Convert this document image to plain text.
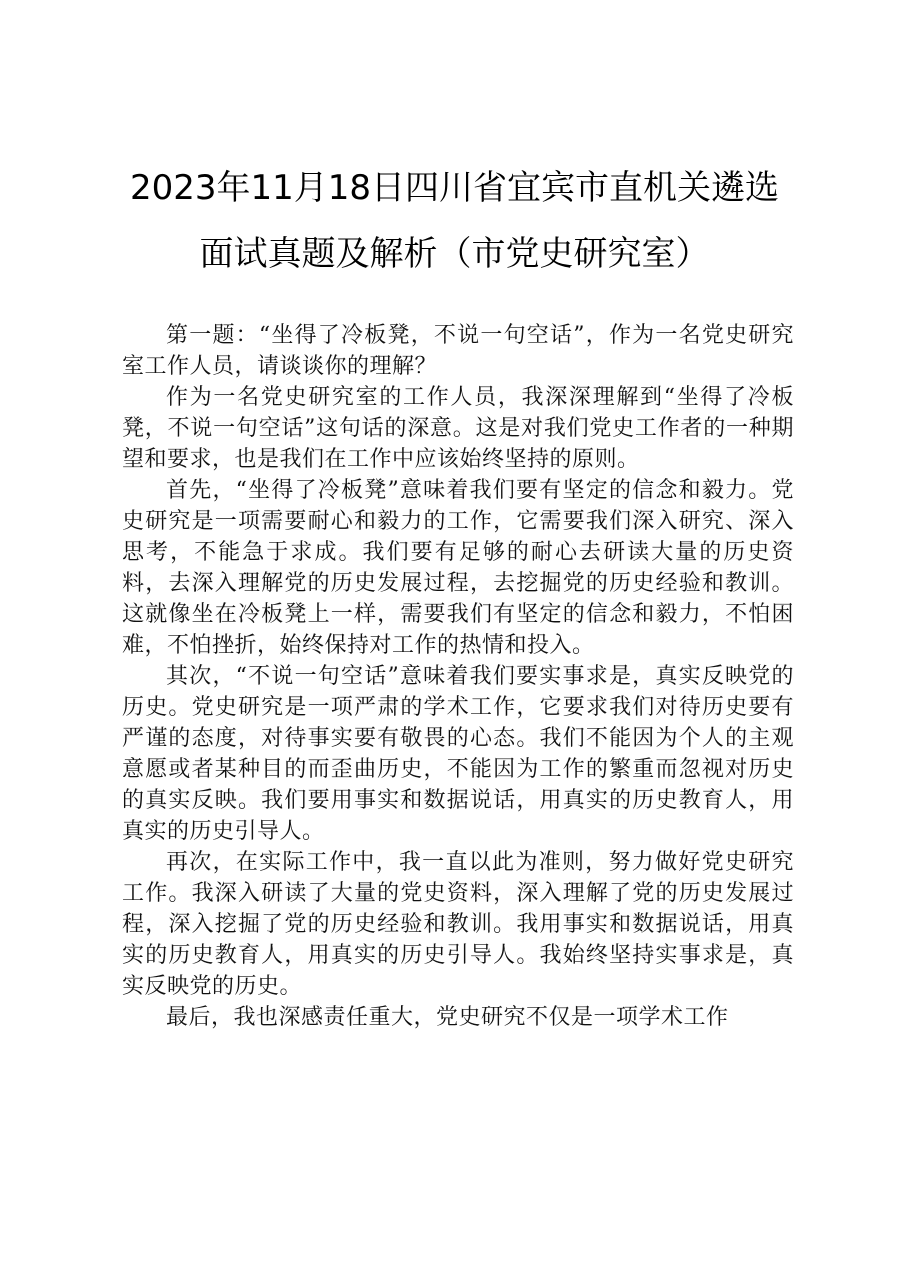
2023年11月18日四川省宜宾市直机关遴选
面试真题及解析（市党史研究室）

第一题：“坐得了冷板凳，不说一句空话”，作为一名党史研究室工作人员，请谈谈你的理解？

作为一名党史研究室的工作人员，我深深理解到“坐得了冷板凳，不说一句空话”这句话的深意。这是对我们党史工作者的一种期望和要求，也是我们在工作中应该始终坚持的原则。

首先，“坐得了冷板凳”意味着我们要有坚定的信念和毅力。党史研究是一项需要耐心和毅力的工作，它需要我们深入研究、深入思考，不能急于求成。我们要有足够的耐心去研读大量的历史资料，去深入理解党的历史发展过程，去挖掘党的历史经验和教训。这就像坐在冷板凳上一样，需要我们有坚定的信念和毅力，不怕困难，不怕挫折，始终保持对工作的热情和投入。

其次，“不说一句空话”意味着我们要实事求是，真实反映党的历史。党史研究是一项严肃的学术工作，它要求我们对待历史要有严谨的态度，对待事实要有敬畏的心态。我们不能因为个人的主观意愿或者某种目的而歪曲历史，不能因为工作的繁重而忽视对历史的真实反映。我们要用事实和数据说话，用真实的历史教育人，用真实的历史引导人。

再次，在实际工作中，我一直以此为准则，努力做好党史研究工作。我深入研读了大量的党史资料，深入理解了党的历史发展过程，深入挖掘了党的历史经验和教训。我用事实和数据说话，用真实的历史教育人，用真实的历史引导人。我始终坚持实事求是，真实反映党的历史。

最后，我也深感责任重大，党史研究不仅是一项学术工作
